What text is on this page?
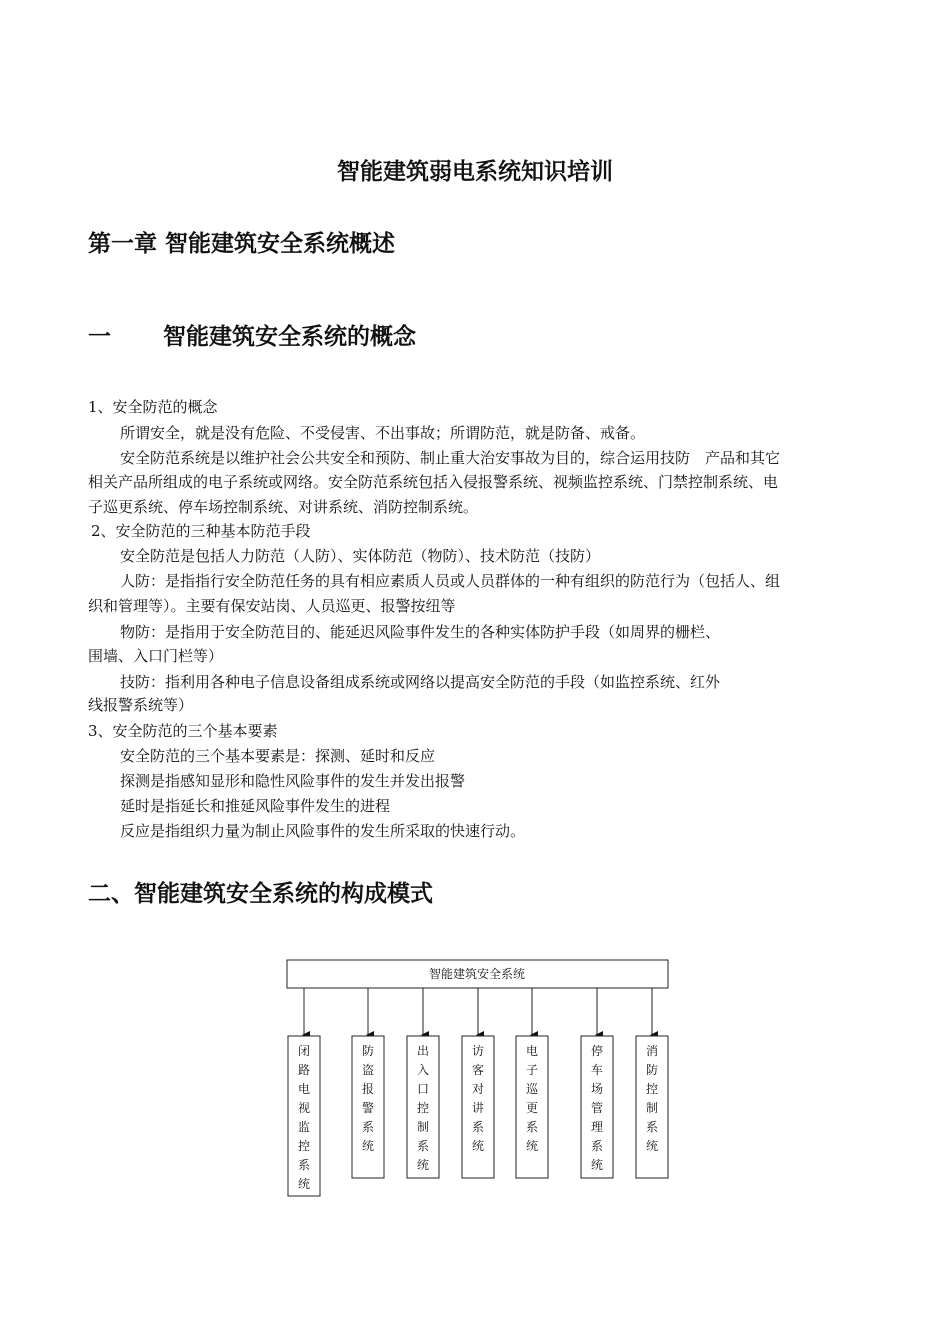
智能建筑弱电系统知识培训
第一章 智能建筑安全系统概述
一 智能建筑安全系统的概念
1、安全防范的概念
所谓安全，就是没有危险、不受侵害、不出事故；所谓防范，就是防备、戒备。
安全防范系统是以维护社会公共安全和预防、制止重大治安事故为目的，综合运用技防　产品和其它
相关产品所组成的电子系统或网络。安全防范系统包括入侵报警系统、视频监控系统、门禁控制系统、电
子巡更系统、停车场控制系统、对讲系统、消防控制系统。
2、安全防范的三种基本防范手段
安全防范是包括人力防范（人防）、实体防范（物防）、技术防范（技防）
人防：是指指行安全防范任务的具有相应素质人员或人员群体的一种有组织的防范行为（包括人、组
织和管理等）。主要有保安站岗、人员巡更、报警按纽等
物防：是指用于安全防范目的、能延迟风险事件发生的各种实体防护手段（如周界的栅栏、
围墙、入口门栏等）
技防：指利用各种电子信息设备组成系统或网络以提高安全防范的手段（如监控系统、红外
线报警系统等）
3、安全防范的三个基本要素
安全防范的三个基本要素是：探测、延时和反应
探测是指感知显形和隐性风险事件的发生并发出报警
延时是指延长和推延风险事件发生的进程
反应是指组织力量为制止风险事件的发生所采取的快速行动。
二、智能建筑安全系统的构成模式
智能建筑安全系统
闭路电视监控系统
防盗报警系统
出入口控制系统
访客对讲系统
电子巡更系统
停车场管理系统
消防控制系统
